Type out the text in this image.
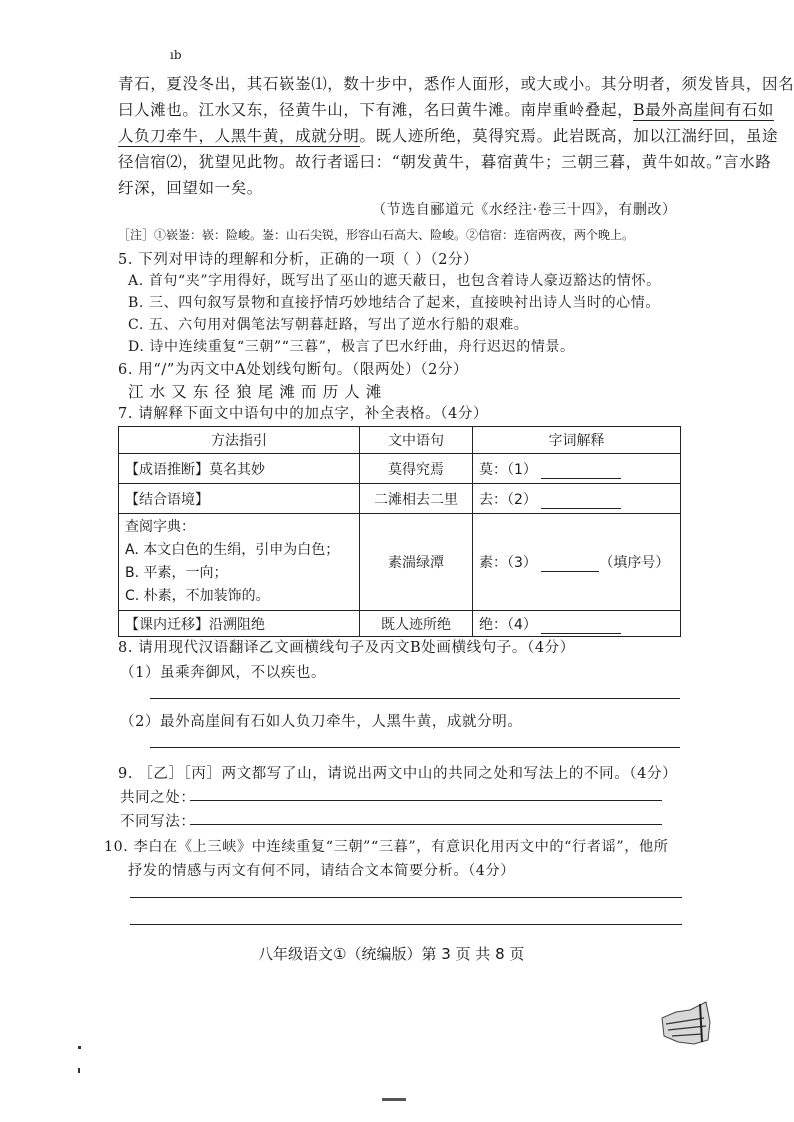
ıb
青石，夏没冬出，其石嵚崟⑴，数十步中，悉作人面形，或大或小。其分明者，须发皆具，因名
曰人滩也。江水又东，径黄牛山，下有滩，名曰黄牛滩。南岸重岭叠起，B最外高崖间有石如
人负刀牵牛，人黑牛黄，成就分明。既人迹所绝，莫得究焉。此岩既高，加以江湍纡回，虽途
径信宿⑵，犹望见此物。故行者谣曰：“朝发黄牛，暮宿黄牛；三朝三暮，黄牛如故。”言水路
纡深，回望如一矣。
（节选自郦道元《水经注·卷三十四》，有删改）
［注］①嵚崟：嵚：险峻。崟：山石尖锐，形容山石高大、险峻。②信宿：连宿两夜，两个晚上。
5. 下列对甲诗的理解和分析，正确的一项（ ）（2分）
A. 首句“夹”字用得好，既写出了巫山的遮天蔽日，也包含着诗人豪迈豁达的情怀。
B. 三、四句叙写景物和直接抒情巧妙地结合了起来，直接映衬出诗人当时的心情。
C. 五、六句用对偶笔法写朝暮赶路，写出了逆水行船的艰难。
D. 诗中连续重复“三朝”“三暮”，极言了巴水纡曲，舟行迟迟的情景。
6. 用“/”为丙文中A处划线句断句。（限两处）（2分）
江 水 又 东 径 狼 尾 滩 而 历 人 滩
7. 请解释下面文中语句中的加点字，补全表格。（4分）
方法指引	文中语句	字词解释
【成语推断】莫名其妙	莫得究焉	莫：（1）
【结合语境】	二滩相去二里	去：（2）

查阅字典：
A. 本文白色的生绢，引申为白色；
B. 平素，一向；
C. 朴素，不加装饰的。	素湍绿潭	素：（3） （填序号）
【课内迁移】沿溯阻绝	既人迹所绝	绝：（4）
8. 请用现代汉语翻译乙文画横线句子及丙文B处画横线句子。（4分）
（1）虽乘奔御风，不以疾也。
（2）最外高崖间有石如人负刀牵牛，人黑牛黄，成就分明。
9. ［乙］［丙］两文都写了山，请说出两文中山的共同之处和写法上的不同。（4分）
共同之处：
不同写法：
10. 李白在《上三峡》中连续重复“三朝”“三暮”，有意识化用丙文中的“行者谣”，他所
抒发的情感与丙文有何不同，请结合文本简要分析。（4分）
八年级语文①（统编版）第 3 页 共 8 页
